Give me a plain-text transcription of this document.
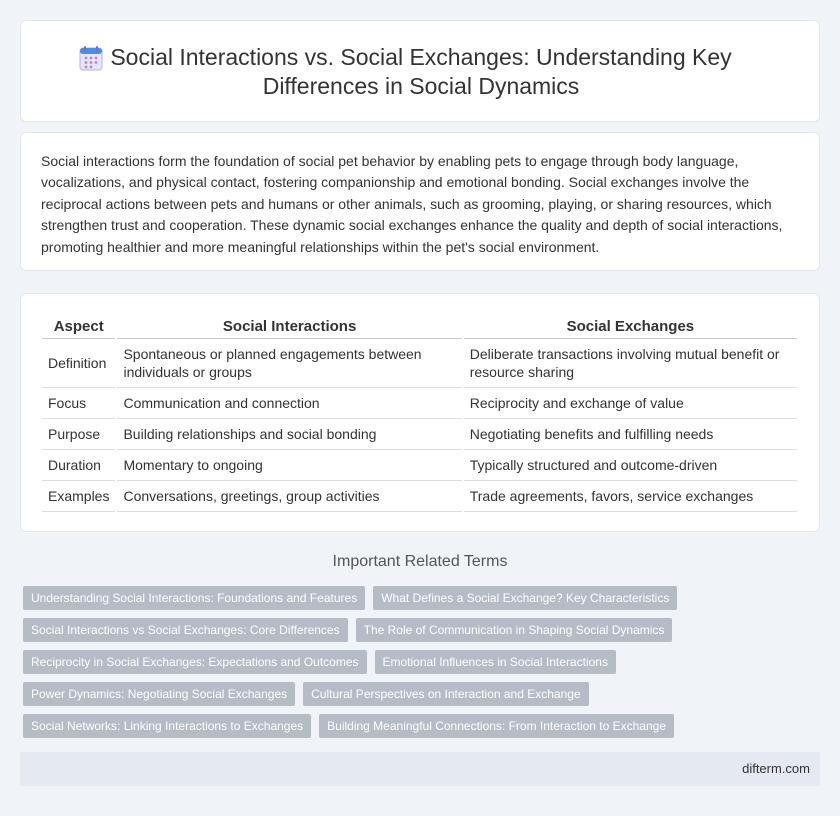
Social Interactions vs. Social Exchanges: Understanding Key Differences in Social Dynamics

Social interactions form the foundation of social pet behavior by enabling pets to engage through body language, vocalizations, and physical contact, fostering companionship and emotional bonding. Social exchanges involve the reciprocal actions between pets and humans or other animals, such as grooming, playing, or sharing resources, which strengthen trust and cooperation. These dynamic social exchanges enhance the quality and depth of social interactions, promoting healthier and more meaningful relationships within the pet's social environment.

Aspect	Social Interactions	Social Exchanges
Definition	Spontaneous or planned engagements between individuals or groups	Deliberate transactions involving mutual benefit or resource sharing
Focus	Communication and connection	Reciprocity and exchange of value
Purpose	Building relationships and social bonding	Negotiating benefits and fulfilling needs
Duration	Momentary to ongoing	Typically structured and outcome-driven
Examples	Conversations, greetings, group activities	Trade agreements, favors, service exchanges
Important Related Terms
Understanding Social Interactions: Foundations and Features	What Defines a Social Exchange? Key Characteristics
Social Interactions vs Social Exchanges: Core Differences	The Role of Communication in Shaping Social Dynamics
Reciprocity in Social Exchanges: Expectations and Outcomes	Emotional Influences in Social Interactions
Power Dynamics: Negotiating Social Exchanges	Cultural Perspectives on Interaction and Exchange
Social Networks: Linking Interactions to Exchanges	Building Meaningful Connections: From Interaction to Exchange
difterm.com
